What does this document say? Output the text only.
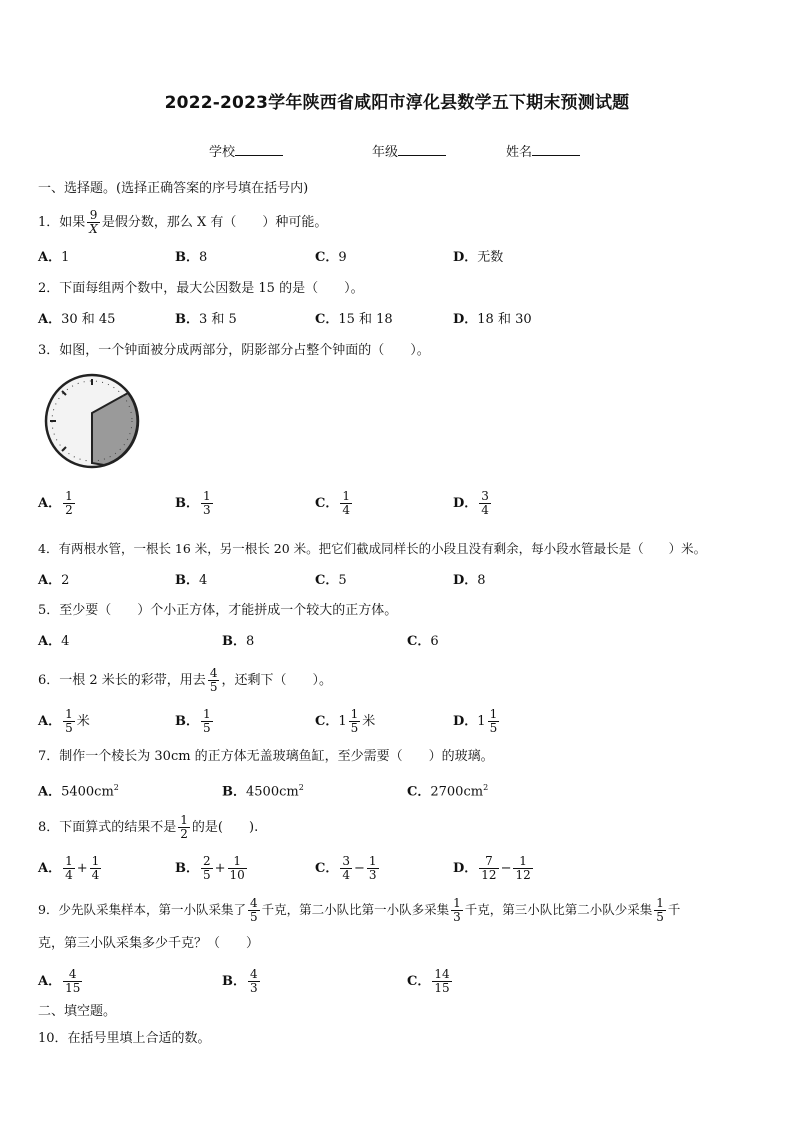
2022-2023学年陕西省咸阳市淳化县数学五下期末预测试题
学校	年级	姓名
一、选择题。(选择正确答案的序号填在括号内)
1．如果 $\frac{9}{X}$ 是假分数，那么 X 有（　　）种可能。
A．1	B．8	C．9	D．无数
2．下面每组两个数中，最大公因数是 15 的是（　　）。
A．30 和 45	B．3 和 5	C．15 和 18	D．18 和 30
3．如图，一个钟面被分成两部分，阴影部分占整个钟面的（　　）。
A． $\frac{1}{2}$	B． $\frac{1}{3}$	C． $\frac{1}{4}$	D． $\frac{3}{4}$
4．有两根水管，一根长 16 米，另一根长 20 米。把它们截成同样长的小段且没有剩余，每小段水管最长是（　　）米。
A．2	B．4	C．5	D．8
5．至少要（　　）个小正方体，才能拼成一个较大的正方体。
A．4	B．8	C．6
6．一根 2 米长的彩带，用去 $\frac{4}{5}$ ，还剩下（　　）。
A． $\frac{1}{5}$ 米	B． $\frac{1}{5}$	C．$1 \frac{1}{5}$ 米	D．$1 \frac{1}{5}$
7．制作一个棱长为 30cm 的正方体无盖玻璃鱼缸，至少需要（　　）的玻璃。
A．$5400cm^2$	B．$4500cm^2$	C．$2700cm^2$
8．下面算式的结果不是 $\frac{1}{2}$ 的是(　　).
A． $\frac{1}{4} + \frac{1}{4}$	B． $\frac{2}{5} + \frac{1}{10}$	C． $\frac{3}{4} - \frac{1}{3}$	D． $\frac{7}{12} - \frac{1}{12}$
9．少先队采集样本，第一小队采集了 $\frac{4}{5}$ 千克，第二小队比第一小队多采集 $\frac{1}{3}$ 千克，第三小队比第二小队少采集 $\frac{1}{5}$ 千
克，第三小队采集多少千克？（　　）
A． $\frac{4}{15}$	B． $\frac{4}{3}$	C． $\frac{14}{15}$
二、填空题。
10．在括号里填上合适的数。
